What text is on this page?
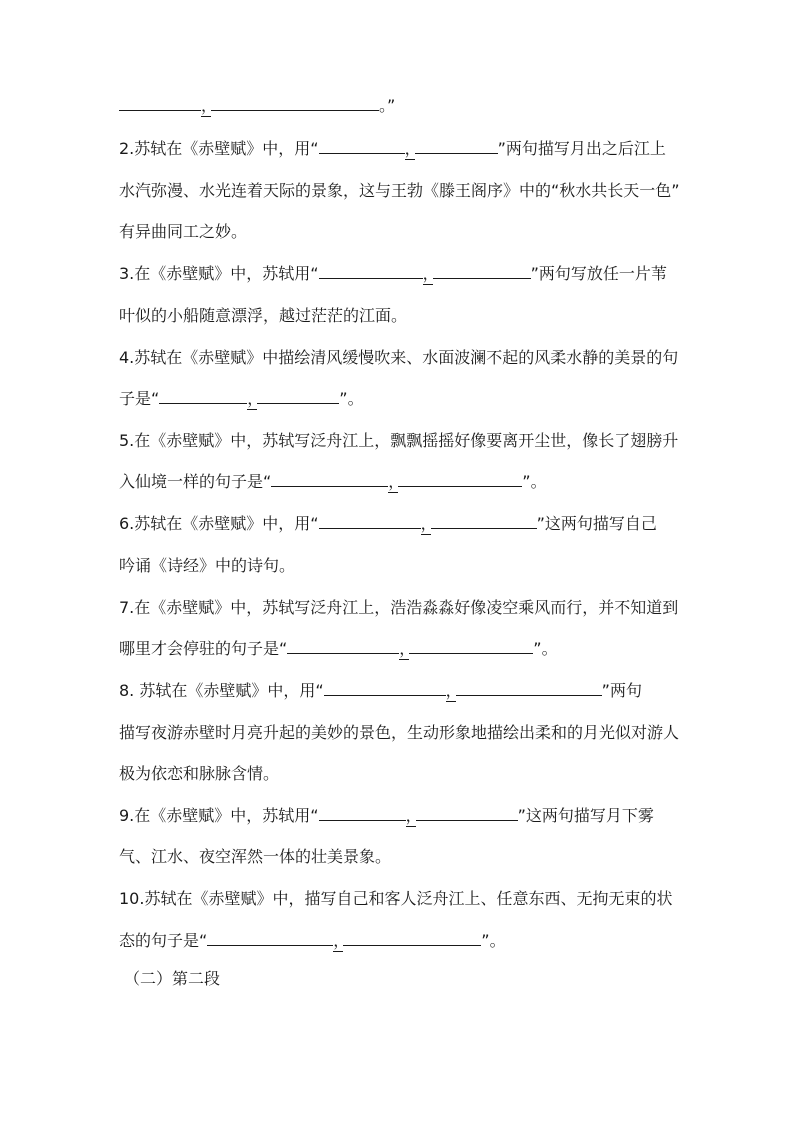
，	。”
2.苏轼在《赤壁赋》中，用“	，	”两句描写月出之后江上
水汽弥漫、水光连着天际的景象，这与王勃《滕王阁序》中的“秋水共长天一色”
有异曲同工之妙。
3.在《赤壁赋》中，苏轼用“	，	”两句写放任一片苇
叶似的小船随意漂浮，越过茫茫的江面。
4.苏轼在《赤壁赋》中描绘清风缓慢吹来、水面波澜不起的风柔水静的美景的句
子是“	，	”。
5.在《赤壁赋》中，苏轼写泛舟江上，飘飘摇摇好像要离开尘世，像长了翅膀升
入仙境一样的句子是“	，	”。
6.苏轼在《赤壁赋》中，用“	，	”这两句描写自己
吟诵《诗经》中的诗句。
7.在《赤壁赋》中，苏轼写泛舟江上，浩浩淼淼好像凌空乘风而行，并不知道到
哪里才会停驻的句子是“	，	”。
8. 苏轼在《赤壁赋》中，用“	，	”两句
描写夜游赤壁时月亮升起的美妙的景色，生动形象地描绘出柔和的月光似对游人
极为依恋和脉脉含情。
9.在《赤壁赋》中，苏轼用“	，	”这两句描写月下雾
气、江水、夜空浑然一体的壮美景象。
10.苏轼在《赤壁赋》中，描写自己和客人泛舟江上、任意东西、无拘无束的状
态的句子是“	，	”。
（二）第二段
